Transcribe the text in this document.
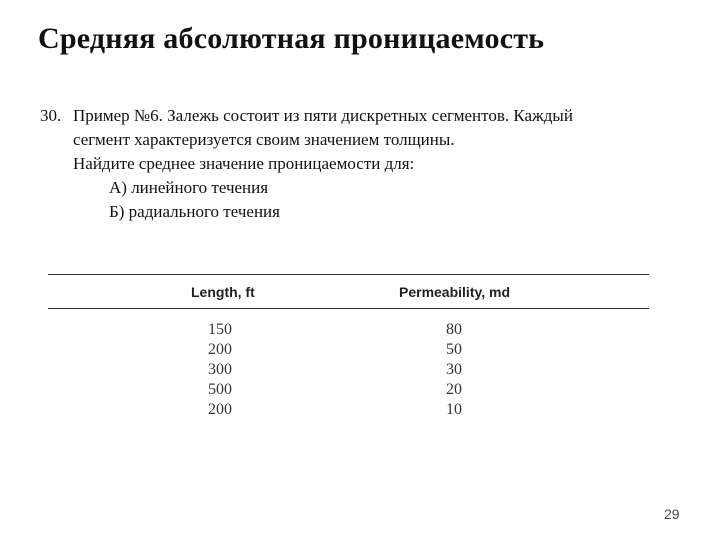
Средняя абсолютная проницаемость
30. Пример №6. Залежь состоит из пяти дискретных сегментов. Каждый
сегмент характеризуется своим значением толщины.
Найдите среднее значение проницаемости для:
А) линейного течения
Б) радиального течения
Length, ft	Permeability, md
150	80
200	50
300	30
500	20
200	10
29
